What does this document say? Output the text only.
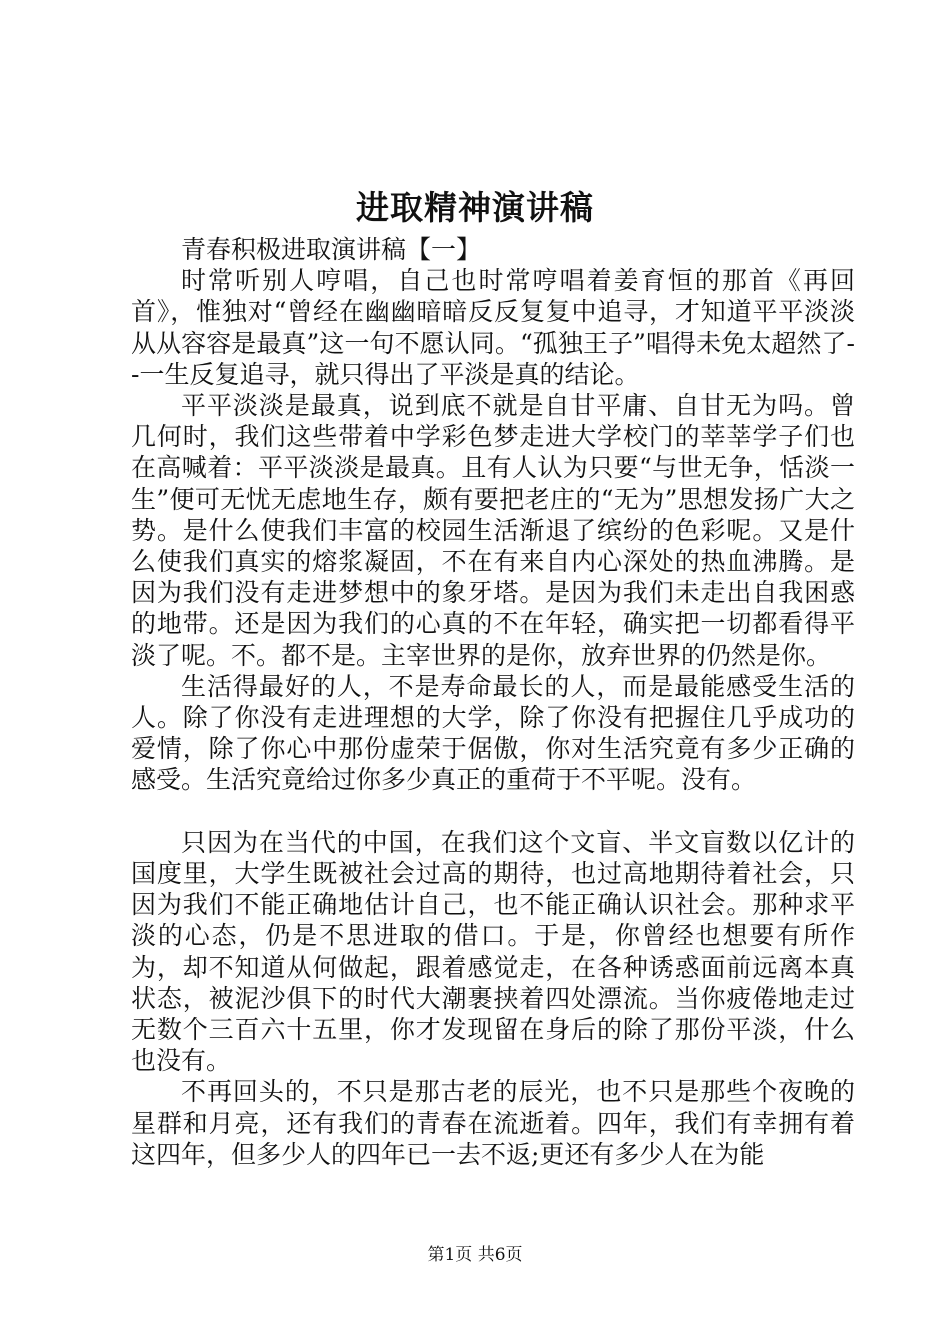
进取精神演讲稿

青春积极进取演讲稿【一】

时常听别人哼唱，自己也时常哼唱着姜育恒的那首《再回首》，惟独对“曾经在幽幽暗暗反反复复中追寻，才知道平平淡淡从从容容是最真”这一句不愿认同。“孤独王子”唱得未免太超然了--一生反复追寻，就只得出了平淡是真的结论。

平平淡淡是最真，说到底不就是自甘平庸、自甘无为吗。曾几何时，我们这些带着中学彩色梦走进大学校门的莘莘学子们也在高喊着：平平淡淡是最真。且有人认为只要“与世无争，恬淡一生”便可无忧无虑地生存，颇有要把老庄的“无为”思想发扬广大之势。是什么使我们丰富的校园生活渐退了缤纷的色彩呢。又是什么使我们真实的熔浆凝固，不在有来自内心深处的热血沸腾。是因为我们没有走进梦想中的象牙塔。是因为我们未走出自我困惑的地带。还是因为我们的心真的不在年轻，确实把一切都看得平淡了呢。不。都不是。主宰世界的是你，放弃世界的仍然是你。

生活得最好的人，不是寿命最长的人，而是最能感受生活的人。除了你没有走进理想的大学，除了你没有把握住几乎成功的爱情，除了你心中那份虚荣于倨傲，你对生活究竟有多少正确的感受。生活究竟给过你多少真正的重荷于不平呢。没有。

只因为在当代的中国，在我们这个文盲、半文盲数以亿计的国度里，大学生既被社会过高的期待，也过高地期待着社会，只因为我们不能正确地估计自己，也不能正确认识社会。那种求平淡的心态，仍是不思进取的借口。于是，你曾经也想要有所作为，却不知道从何做起，跟着感觉走，在各种诱惑面前远离本真状态，被泥沙俱下的时代大潮裹挟着四处漂流。当你疲倦地走过无数个三百六十五里，你才发现留在身后的除了那份平淡，什么也没有。

不再回头的，不只是那古老的辰光，也不只是那些个夜晚的星群和月亮，还有我们的青春在流逝着。四年，我们有幸拥有着这四年，但多少人的四年已一去不返;更还有多少人在为能

第1页 共6页
